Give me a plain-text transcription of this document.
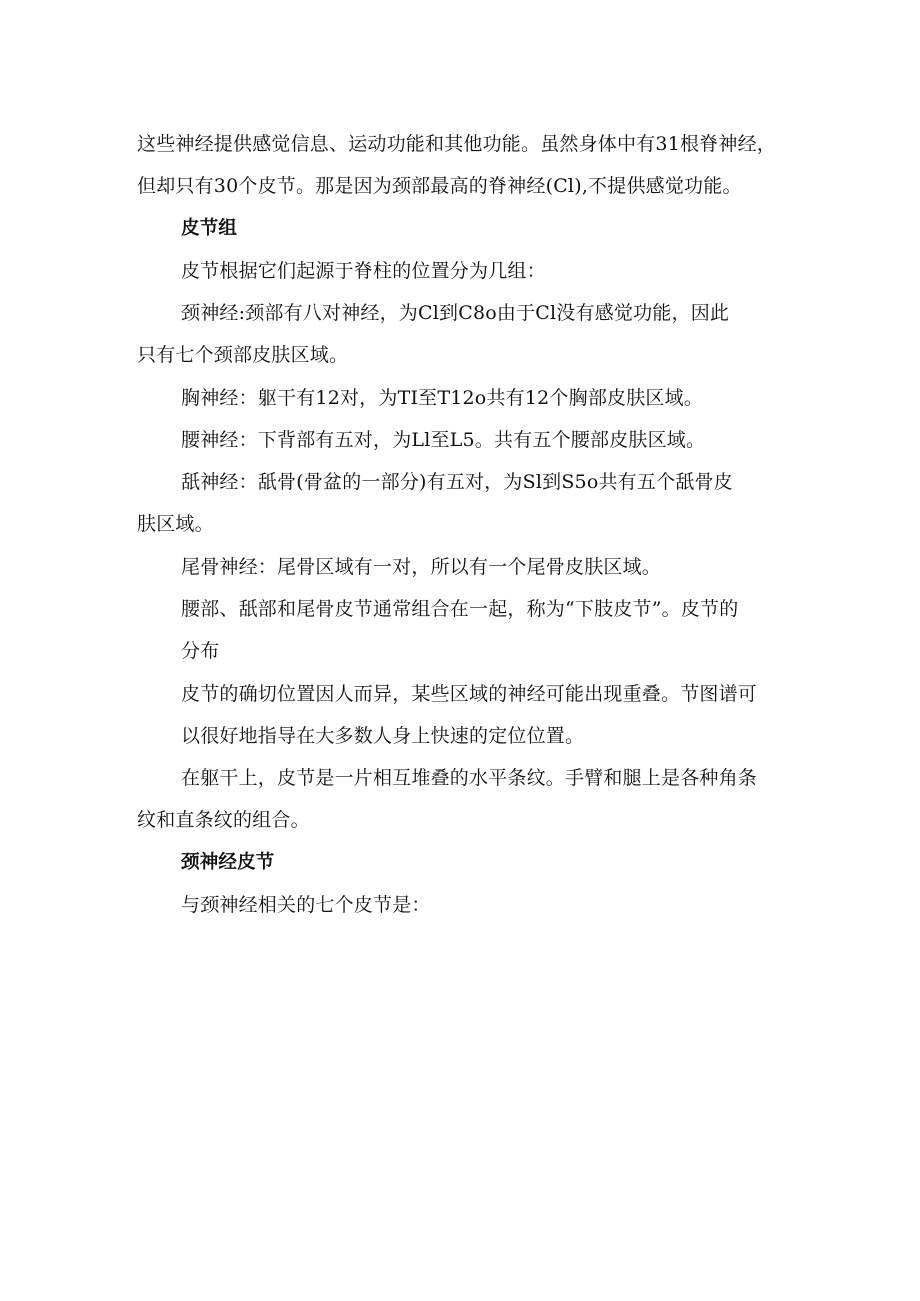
这些神经提供感觉信息、运动功能和其他功能。虽然身体中有31根脊神经，
但却只有30个皮节。那是因为颈部最高的脊神经(Cl),不提供感觉功能。
皮节组
皮节根据它们起源于脊柱的位置分为几组：
颈神经:颈部有八对神经，为Cl到C8o由于Cl没有感觉功能，因此
只有七个颈部皮肤区域。
胸神经：躯干有12对，为TI至T12o共有12个胸部皮肤区域。
腰神经：下背部有五对，为Ll至L5。共有五个腰部皮肤区域。
舐神经：舐骨(骨盆的一部分)有五对，为Sl到S5o共有五个舐骨皮
肤区域。
尾骨神经：尾骨区域有一对，所以有一个尾骨皮肤区域。
腰部、舐部和尾骨皮节通常组合在一起，称为“下肢皮节”。皮节的
分布
皮节的确切位置因人而异，某些区域的神经可能出现重叠。节图谱可
以很好地指导在大多数人身上快速的定位位置。
在躯干上，皮节是一片相互堆叠的水平条纹。手臂和腿上是各种角条
纹和直条纹的组合。
颈神经皮节
与颈神经相关的七个皮节是：
